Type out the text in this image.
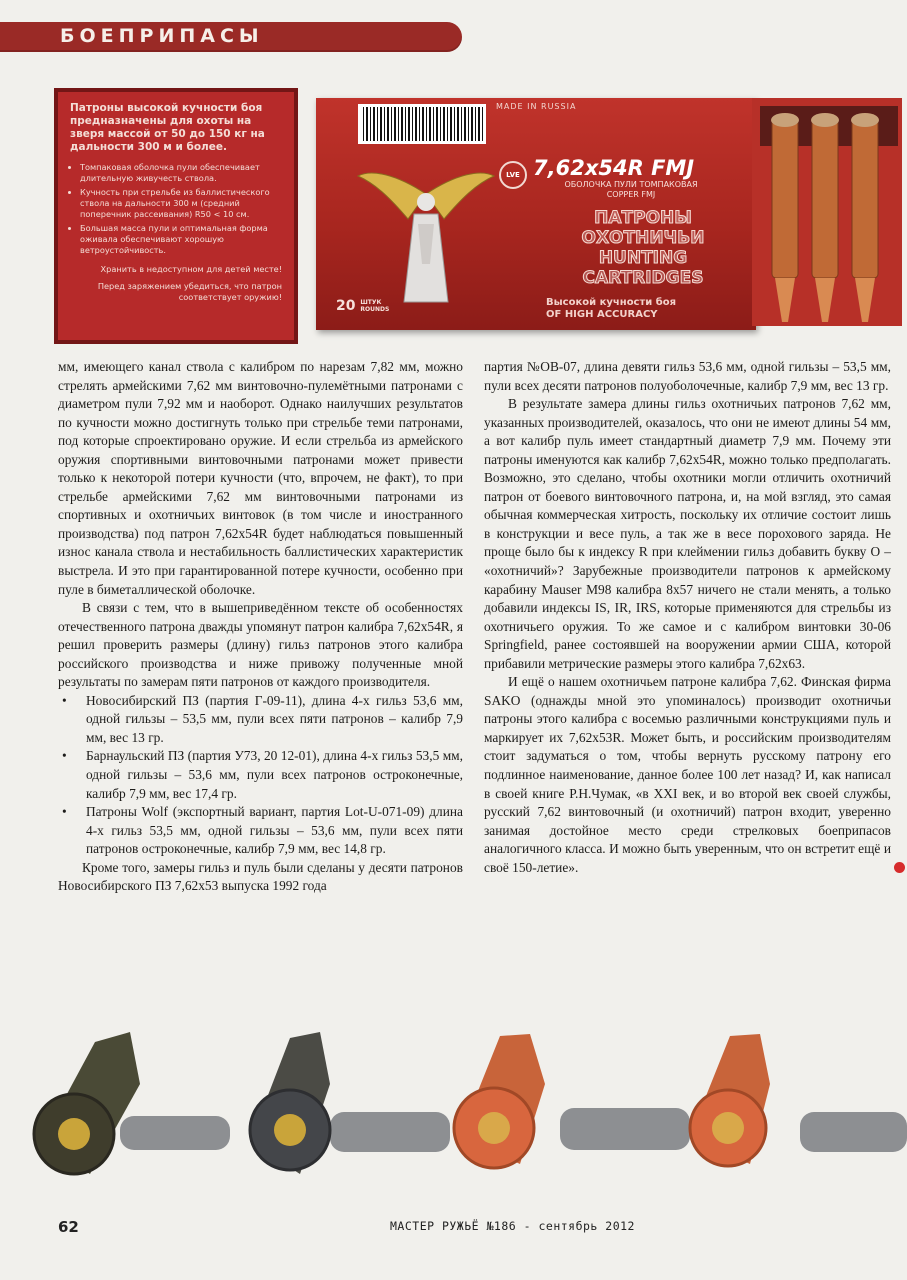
БОЕПРИПАСЫ
Патроны высокой кучности боя предназначены для охоты на зверя массой от 50 до 150 кг на дальности 300 м и более.
• Томпаковая оболочка пули обеспечивает длительную живучесть ствола.
• Кучность при стрельбе из баллистического ствола на дальности 300 м (средний поперечник рассеивания) R50 < 10 см.
• Большая масса пули и оптимальная форма оживала обеспечивают хорошую ветроустойчивость.
Хранить в недоступном для детей месте!
Перед заряжением убедиться, что патрон соответствует оружию!
MADE IN RUSSIA
LVE 7,62x54R FMJ
ОБОЛОЧКА ПУЛИ ТОМПАКОВАЯ
COPPER FMJ
ПАТРОНЫ
ОХОТНИЧЬИ
HUNTING
CARTRIDGES
Высокой кучности боя
OF HIGH ACCURACY
20 ШТУК
ROUNDS

мм, имеющего канал ствола с калибром по нарезам 7,82 мм, можно стрелять армейскими 7,62 мм винтовочно-пулемётными патронами с диаметром пули 7,92 мм и наоборот. Однако наилучших результатов по кучности можно достигнуть только при стрельбе теми патронами, под которые спроектировано оружие. И если стрельба из армейского оружия спортивными винтовочными патронами может привести только к некоторой потери кучности (что, впрочем, не факт), то при стрельбе армейскими 7,62 мм винтовочными патронами из спортивных и охотничьих винтовок (в том числе и иностранного производства) под патрон 7,62х54R будет наблюдаться повышенный износ канала ствола и нестабильность баллистических характеристик выстрела. И это при гарантированной потере кучности, особенно при пуле в биметаллической оболочке.

В связи с тем, что в вышеприведённом тексте об особенностях отечественного патрона дважды упомянут патрон калибра 7,62х54R, я решил проверить размеры (длину) гильз патронов этого калибра российского производства и ниже привожу полученные мной результаты по замерам пяти патронов от каждого производителя.

• Новосибирский ПЗ (партия Г-09-11), длина 4-х гильз 53,6 мм, одной гильзы – 53,5 мм, пули всех пяти патронов – калибр 7,9 мм, вес 13 гр.
• Барнаульский ПЗ (партия У73, 20 12-01), длина 4-х гильз 53,5 мм, одной гильзы – 53,6 мм, пули всех патронов остроконечные, калибр 7,9 мм, вес 17,4 гр.
• Патроны Wolf (экспортный вариант, партия Lot-U-071-09) длина 4-х гильз 53,5 мм, одной гильзы – 53,6 мм, пули всех пяти патронов остроконечные, калибр 7,9 мм, вес 14,8 гр.

Кроме того, замеры гильз и пуль были сделаны у десяти патронов Новосибирского ПЗ 7,62х53 выпуска 1992 года

партия №ОВ-07, длина девяти гильз 53,6 мм, одной гильзы – 53,5 мм, пули всех десяти патронов полуоболочечные, калибр 7,9 мм, вес 13 гр.

В результате замера длины гильз охотничьих патронов 7,62 мм, указанных производителей, оказалось, что они не имеют длины 54 мм, а вот калибр пуль имеет стандартный диаметр 7,9 мм. Почему эти патроны именуются как калибр 7,62х54R, можно только предполагать. Возможно, это сделано, чтобы охотники могли отличить охотничий патрон от боевого винтовочного патрона, и, на мой взгляд, это самая обычная коммерческая хитрость, поскольку их отличие состоит лишь в конструкции и весе пуль, а так же в весе порохового заряда. Не проще было бы к индексу R при клеймении гильз добавить букву О – «охотничий»? Зарубежные производители патронов к армейскому карабину Mauser M98 калибра 8х57 ничего не стали менять, а только добавили индексы IS, IR, IRS, которые применяются для стрельбы из охотничьего оружия. То же самое и с калибром винтовки 30-06 Springfield, ранее состоявшей на вооружении армии США, которой прибавили метрические размеры этого калибра 7,62х63.

И ещё о нашем охотничьем патроне калибра 7,62. Финская фирма SAKO (однажды мной это упоминалось) производит охотничьи патроны этого калибра с восемью различными конструкциями пуль и маркирует их 7,62х53R. Может быть, и российским производителям стоит задуматься о том, чтобы вернуть русскому патрону его подлинное наименование, данное более 100 лет назад? И, как написал в своей книге Р.Н.Чумак, «в XXI век, и во второй век своей службы, русский 7,62 винтовочный (и охотничий) патрон входит, уверенно занимая достойное место среди стрелковых боеприпасов аналогичного класса. И можно быть уверенным, что он встретит ещё и своё 150-летие».

62	МАСТЕР РУЖЬЁ №186 - сентябрь 2012
